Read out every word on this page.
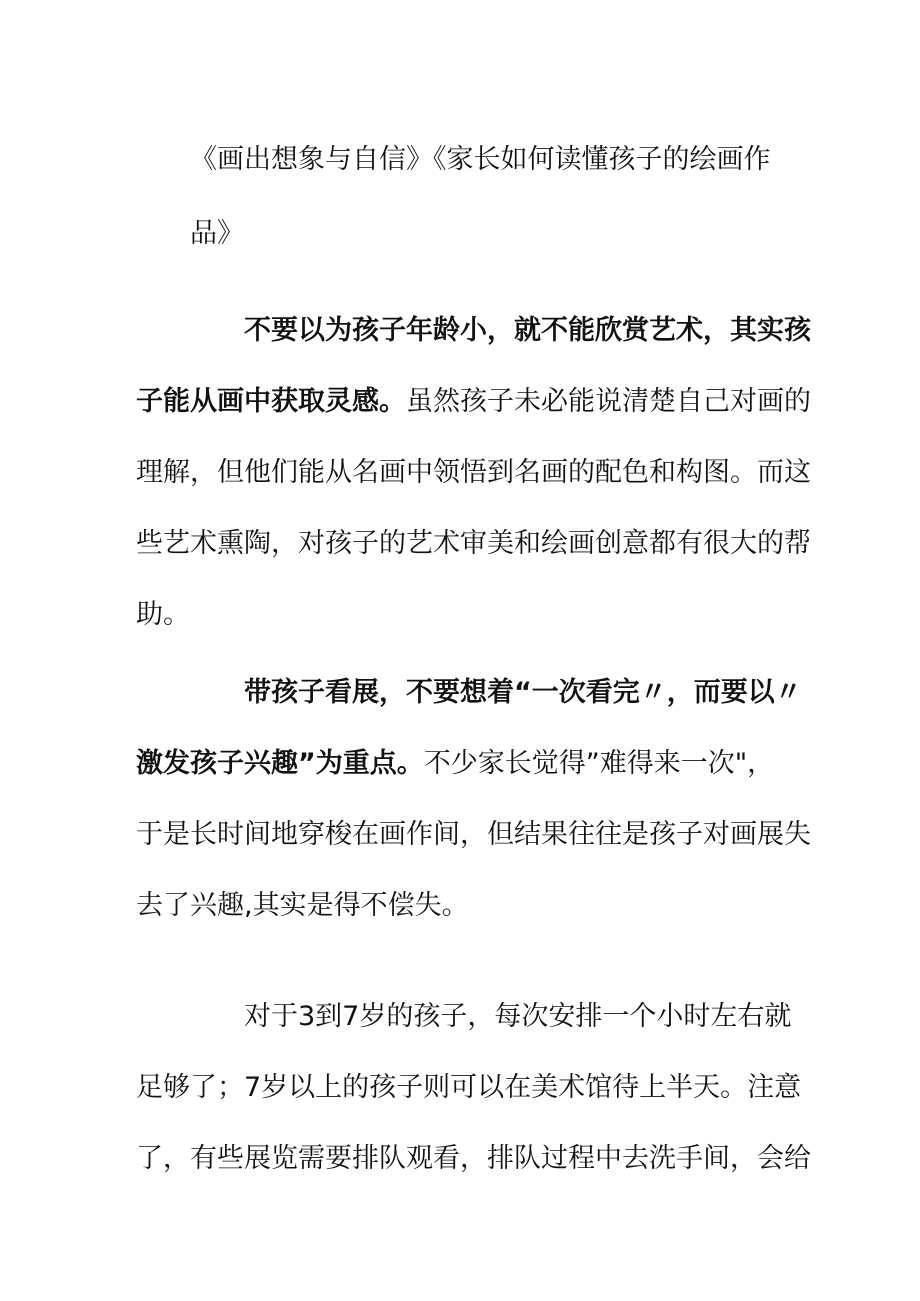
《画出想象与自信》《家长如何读懂孩子的绘画作
品》
不要以为孩子年龄小，就不能欣赏艺术，其实孩
子能从画中获取灵感。虽然孩子未必能说清楚自己对画的
理解，但他们能从名画中领悟到名画的配色和构图。而这
些艺术熏陶，对孩子的艺术审美和绘画创意都有很大的帮
助。
带孩子看展，不要想着“一次看完〃，而要以〃
激发孩子兴趣”为重点。不少家长觉得”难得来一次"，
于是长时间地穿梭在画作间，但结果往往是孩子对画展失
去了兴趣,其实是得不偿失。
对于3到7岁的孩子，每次安排一个小时左右就
足够了；7岁以上的孩子则可以在美术馆待上半天。注意
了，有些展览需要排队观看，排队过程中去洗手间，会给
